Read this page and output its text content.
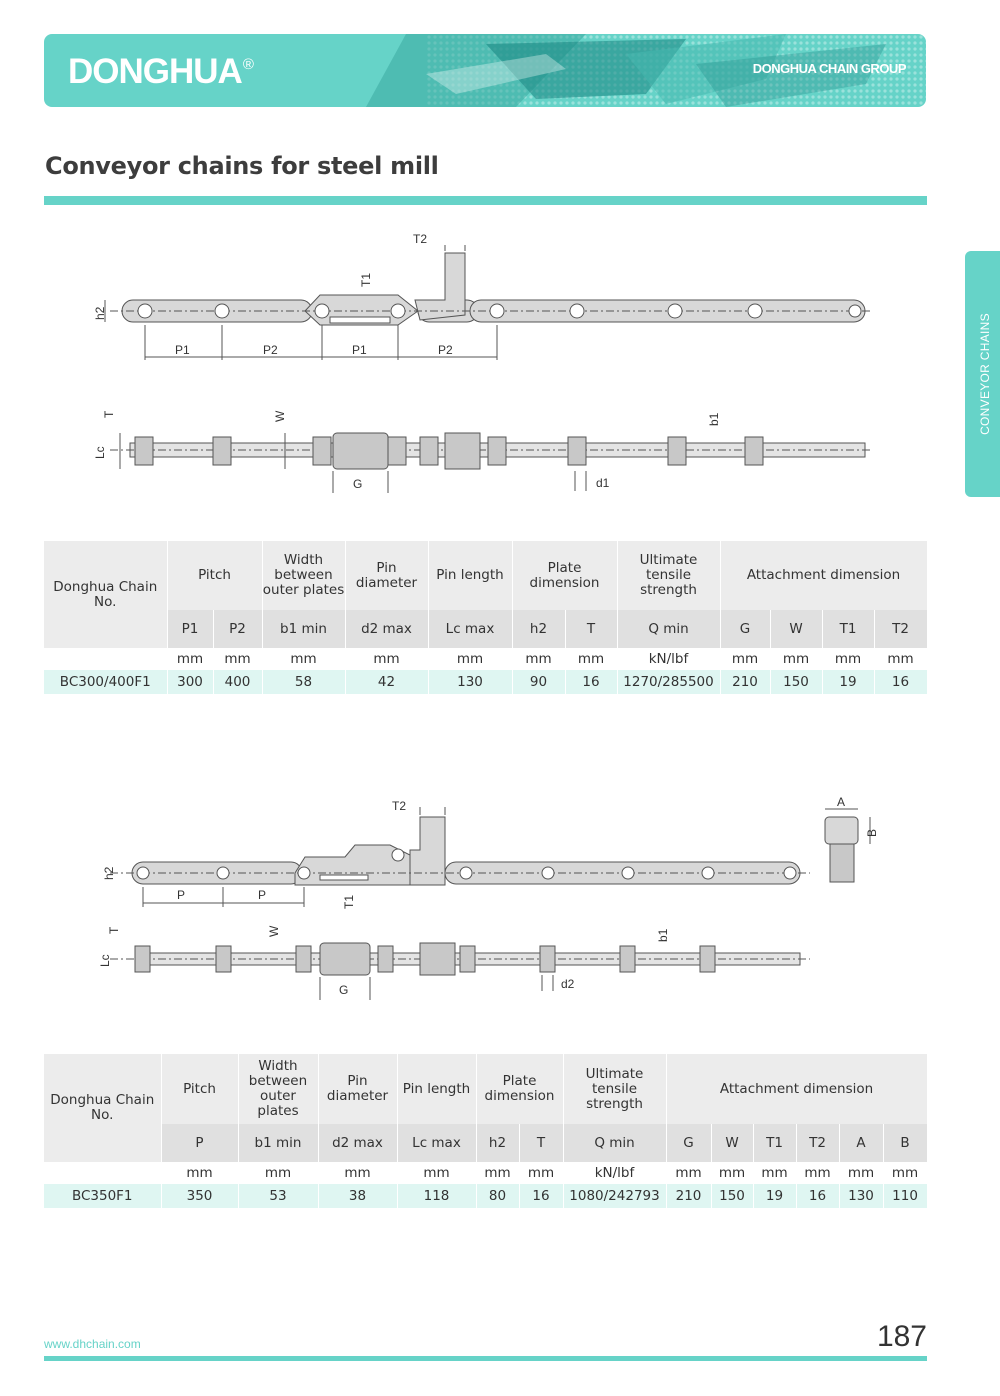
DONGHUA®	DONGHUA CHAIN GROUP
Conveyor chains for steel mill
CONVEYOR CHAINS
T2
T1
h2
P1	P2	P1	P2
T	W
Lc
b1
G	d1
Donghua Chain No.	Pitch		Width between outer plates	Pin diameter	Pin length	Plate dimension		Ultimate tensile strength	Attachment dimension			
	P1	P2	b1 min	d2 max	Lc max	h2	T	Q min	G	W	T1	T2
	mm	mm	mm	mm	mm	mm	mm	kN/lbf	mm	mm	mm	mm
BC300/400F1	300	400	58	42	130	90	16	1270/285500	210	150	19	16
T2
T1
h2
P	P
A
B
T	W
Lc
b1
G	d2
Donghua Chain No.	Pitch	Width between outer plates	Pin diameter	Pin length	Plate dimension		Ultimate tensile strength	Attachment dimension					
	P	b1 min	d2 max	Lc max	h2	T	Q min	G	W	T1	T2	A	B
	mm	mm	mm	mm	mm	mm	kN/lbf	mm	mm	mm	mm	mm	mm
BC350F1	350	53	38	118	80	16	1080/242793	210	150	19	16	130	110
www.dhchain.com	187
